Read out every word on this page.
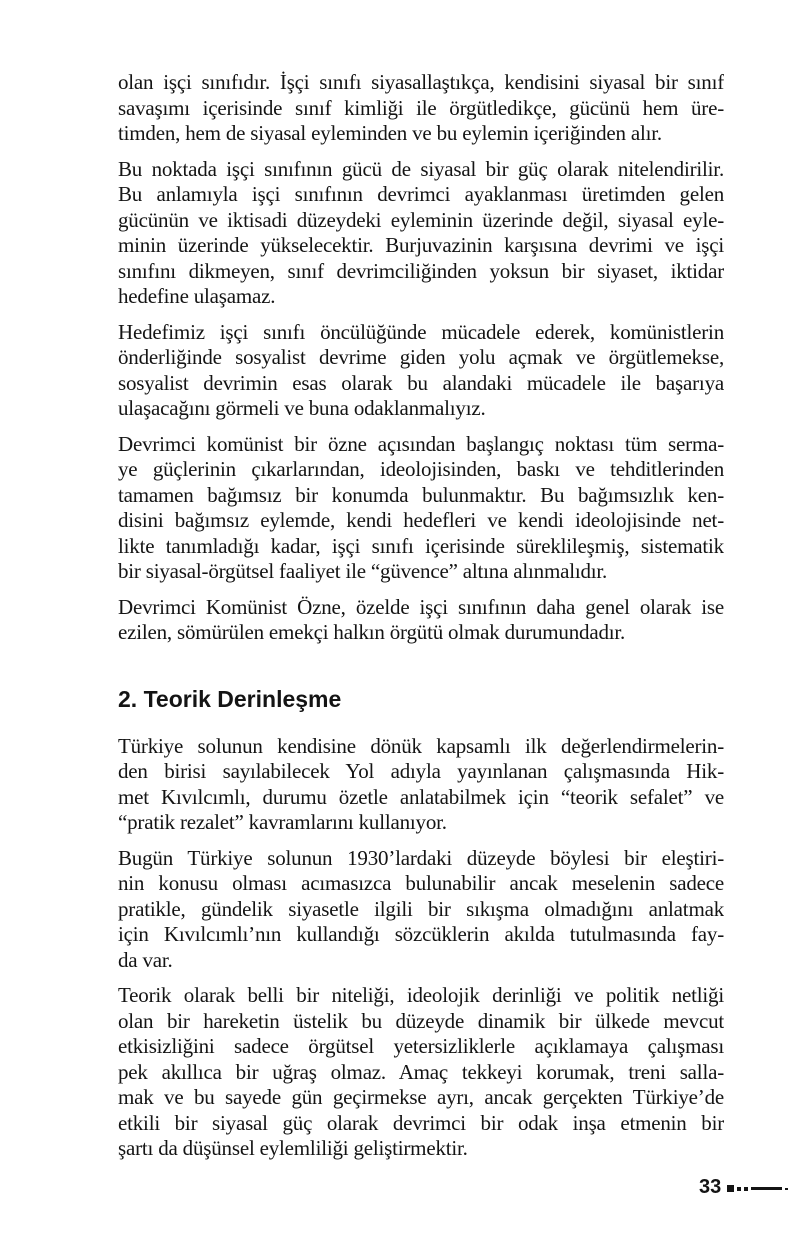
olan işçi sınıfıdır. İşçi sınıfı siyasallaştıkça, kendisini siyasal bir sınıf
savaşımı içerisinde sınıf kimliği ile örgütledikçe, gücünü hem üre-
timden, hem de siyasal eyleminden ve bu eylemin içeriğinden alır.
Bu noktada işçi sınıfının gücü de siyasal bir güç olarak nitelendirilir.
Bu anlamıyla işçi sınıfının devrimci ayaklanması üretimden gelen
gücünün ve iktisadi düzeydeki eyleminin üzerinde değil, siyasal eyle-
minin üzerinde yükselecektir. Burjuvazinin karşısına devrimi ve işçi
sınıfını dikmeyen, sınıf devrimciliğinden yoksun bir siyaset, iktidar
hedefine ulaşamaz.
Hedefimiz işçi sınıfı öncülüğünde mücadele ederek, komünistlerin
önderliğinde sosyalist devrime giden yolu açmak ve örgütlemekse,
sosyalist devrimin esas olarak bu alandaki mücadele ile başarıya
ulaşacağını görmeli ve buna odaklanmalıyız.
Devrimci komünist bir özne açısından başlangıç noktası tüm serma-
ye güçlerinin çıkarlarından, ideolojisinden, baskı ve tehditlerinden
tamamen bağımsız bir konumda bulunmaktır. Bu bağımsızlık ken-
disini bağımsız eylemde, kendi hedefleri ve kendi ideolojisinde net-
likte tanımladığı kadar, işçi sınıfı içerisinde süreklileşmiş, sistematik
bir siyasal-örgütsel faaliyet ile “güvence” altına alınmalıdır.
Devrimci Komünist Özne, özelde işçi sınıfının daha genel olarak ise
ezilen, sömürülen emekçi halkın örgütü olmak durumundadır.
2. Teorik Derinleşme
Türkiye solunun kendisine dönük kapsamlı ilk değerlendirmelerin-
den birisi sayılabilecek Yol adıyla yayınlanan çalışmasında Hik-
met Kıvılcımlı, durumu özetle anlatabilmek için “teorik sefalet” ve
“pratik rezalet” kavramlarını kullanıyor.
Bugün Türkiye solunun 1930’lardaki düzeyde böylesi bir eleştiri-
nin konusu olması acımasızca bulunabilir ancak meselenin sadece
pratikle, gündelik siyasetle ilgili bir sıkışma olmadığını anlatmak
için Kıvılcımlı’nın kullandığı sözcüklerin akılda tutulmasında fay-
da var.
Teorik olarak belli bir niteliği, ideolojik derinliği ve politik netliği
olan bir hareketin üstelik bu düzeyde dinamik bir ülkede mevcut
etkisizliğini sadece örgütsel yetersizliklerle açıklamaya çalışması
pek akıllıca bir uğraş olmaz. Amaç tekkeyi korumak, treni salla-
mak ve bu sayede gün geçirmekse ayrı, ancak gerçekten Türkiye’de
etkili bir siyasal güç olarak devrimci bir odak inşa etmenin bir
şartı da düşünsel eylemliliği geliştirmektir.
33
